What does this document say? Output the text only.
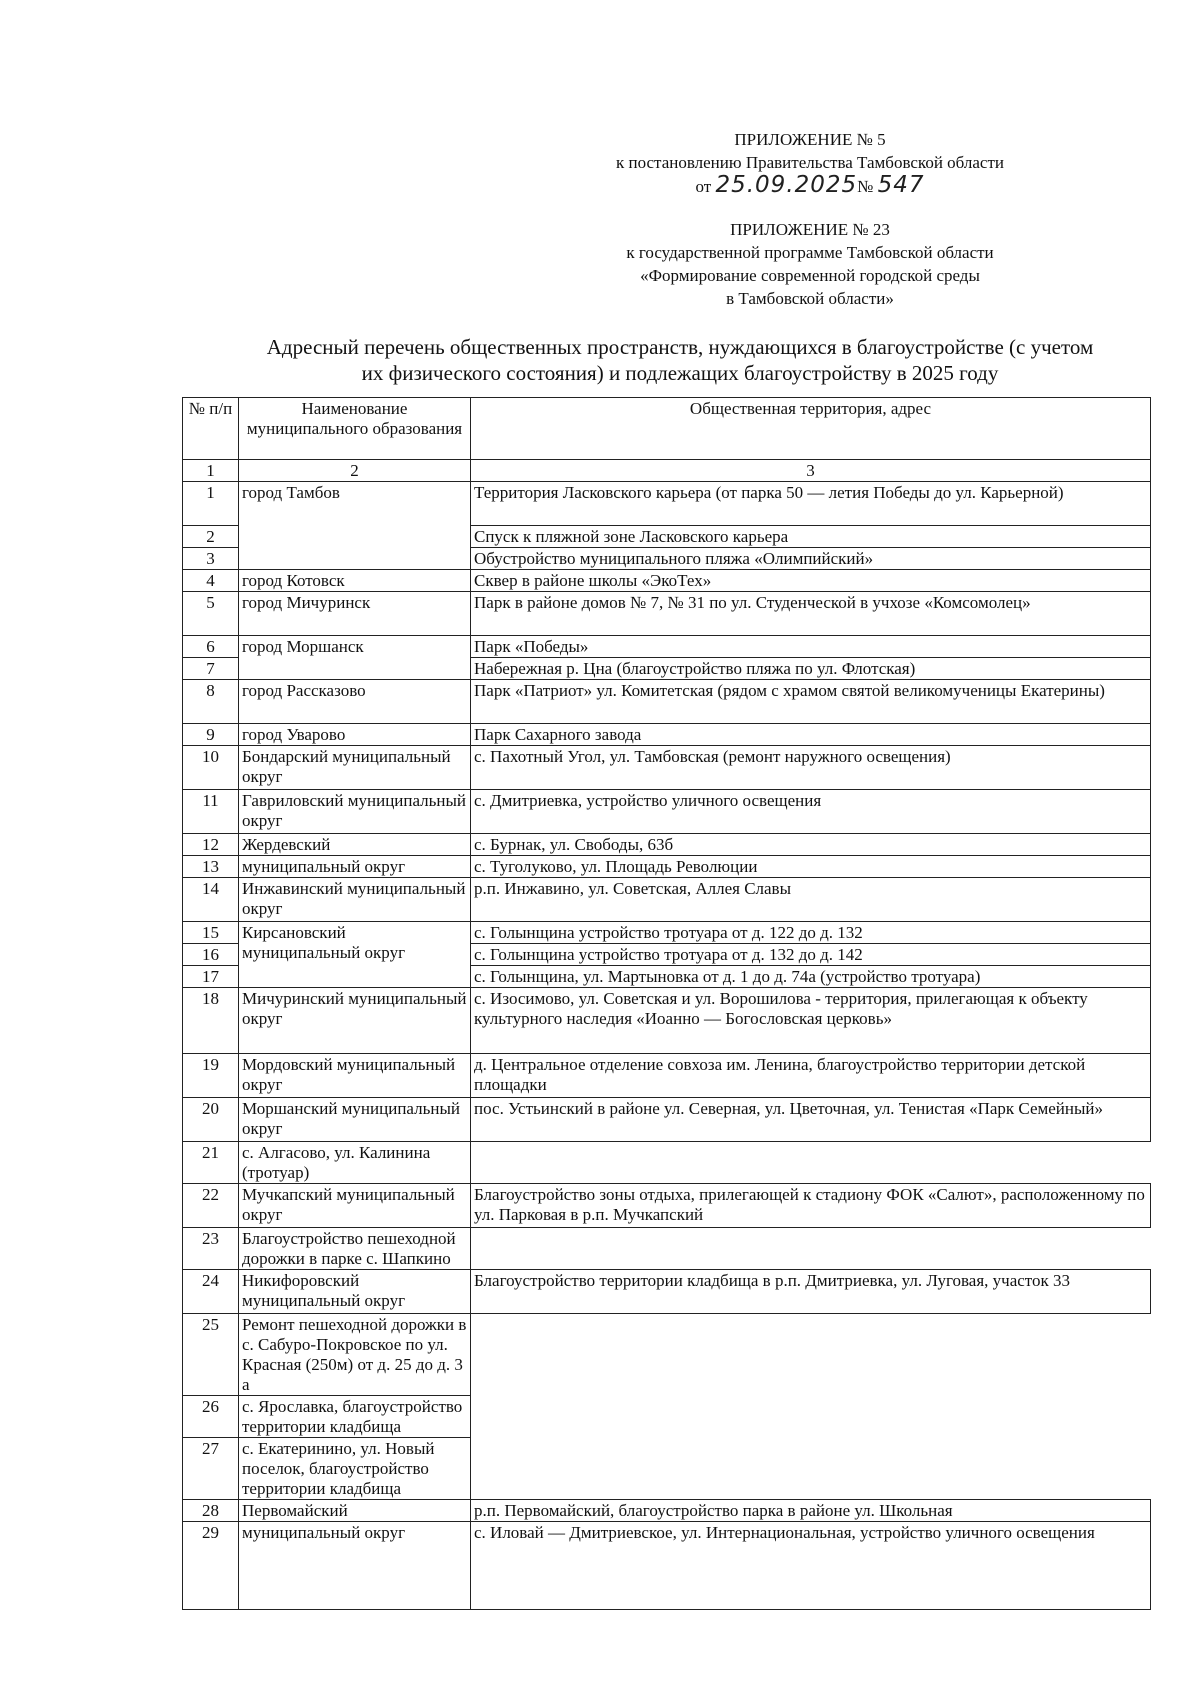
ПРИЛОЖЕНИЕ № 5
к постановлению Правительства Тамбовской области
от 25.09.2025№ 547
ПРИЛОЖЕНИЕ № 23
к государственной программе Тамбовской области
«Формирование современной городской среды
в Тамбовской области»
Адресный перечень общественных пространств, нуждающихся в благоустройстве (с учетом
их физического состояния) и подлежащих благоустройству в 2025 году
№ п/п	Наименование муниципального образования	Общественная территория, адрес
1	2	3
1	город Тамбов	Территория Ласковского карьера (от парка 50 — летия Победы до ул. Карьерной)
2		Спуск к пляжной зоне Ласковского карьера
3		Обустройство муниципального пляжа «Олимпийский»
4	город Котовск	Сквер в районе школы «ЭкоТех»
5	город Мичуринск	Парк в районе домов № 7, № 31 по ул. Студенческой в учхозе «Комсомолец»
6	город Моршанск	Парк «Победы»
7		Набережная р. Цна (благоустройство пляжа по ул. Флотская)
8	город Рассказово	Парк «Патриот» ул. Комитетская (рядом с храмом святой великомученицы Екатерины)
9	город Уварово	Парк Сахарного завода
10	Бондарский муниципальный округ	с. Пахотный Угол, ул. Тамбовская (ремонт наружного освещения)
11	Гавриловский муниципальный округ	с. Дмитриевка, устройство уличного освещения
12	Жердевский	с. Бурнак, ул. Свободы, 63б
13	муниципальный округ	с. Туголуково, ул. Площадь Революции
14	Инжавинский муниципальный округ	р.п. Инжавино, ул. Советская, Аллея Славы
15	Кирсановский муниципальный округ	с. Голынщина устройство тротуара от д. 122 до д. 132
16		с. Голынщина устройство тротуара от д. 132 до д. 142
17		с. Голынщина, ул. Мартыновка от д. 1 до д. 74а (устройство тротуара)
18	Мичуринский муниципальный округ	с. Изосимово, ул. Советская и ул. Ворошилова - территория, прилегающая к объекту культурного наследия «Иоанно — Богословская церковь»
19	Мордовский муниципальный округ	д. Центральное отделение совхоза им. Ленина, благоустройство территории детской площадки
20	Моршанский муниципальный округ	пос. Устьинский в районе ул. Северная, ул. Цветочная, ул. Тенистая «Парк Семейный»
21	с. Алгасово, ул. Калинина (тротуар)	
22	Мучкапский муниципальный округ	Благоустройство зоны отдыха, прилегающей к стадиону ФОК «Салют», расположенному по ул. Парковая в р.п. Мучкапский
23	Благоустройство пешеходной дорожки в парке с. Шапкино	
24	Никифоровский муниципальный округ	Благоустройство территории кладбища в р.п. Дмитриевка, ул. Луговая, участок 33
25	Ремонт пешеходной дорожки в с. Сабуро-Покровское по ул. Красная (250м) от д. 25 до д. 3 а	
26	с. Ярославка, благоустройство территории кладбища	
27	с. Екатеринино, ул. Новый поселок, благоустройство территории кладбища	
28	Первомайский	р.п. Первомайский, благоустройство парка в районе ул. Школьная
29	муниципальный округ	с. Иловай — Дмитриевское, ул. Интернациональная, устройство уличного освещения
